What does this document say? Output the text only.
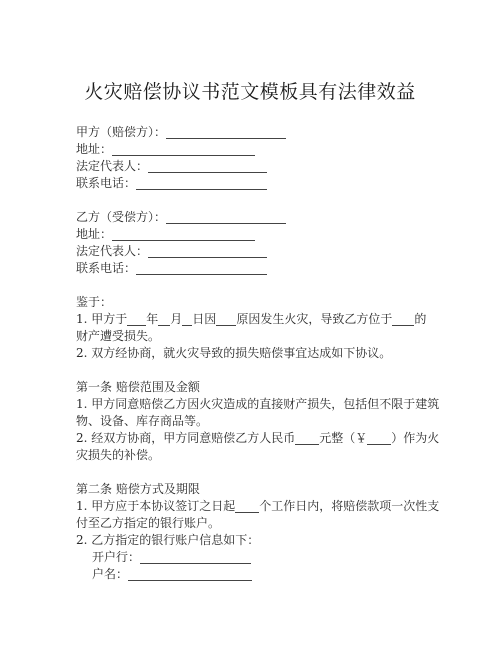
火灾赔偿协议书范文模板具有法律效益
甲方（赔偿方）：
地址：
法定代表人：
联系电话：
乙方（受偿方）：
地址：
法定代表人：
联系电话：
鉴于：
1. 甲方于 年 月 日因 原因发生火灾，导致乙方位于 的
财产遭受损失。
2. 双方经协商，就火灾导致的损失赔偿事宜达成如下协议。
第一条 赔偿范围及金额
1. 甲方同意赔偿乙方因火灾造成的直接财产损失，包括但不限于建筑
物、设备、库存商品等。
2. 经双方协商，甲方同意赔偿乙方人民币 元整（￥ ）作为火
灾损失的补偿。
第二条 赔偿方式及期限
1. 甲方应于本协议签订之日起 个工作日内，将赔偿款项一次性支
付至乙方指定的银行账户。
2. 乙方指定的银行账户信息如下：
开户行：
户名：
